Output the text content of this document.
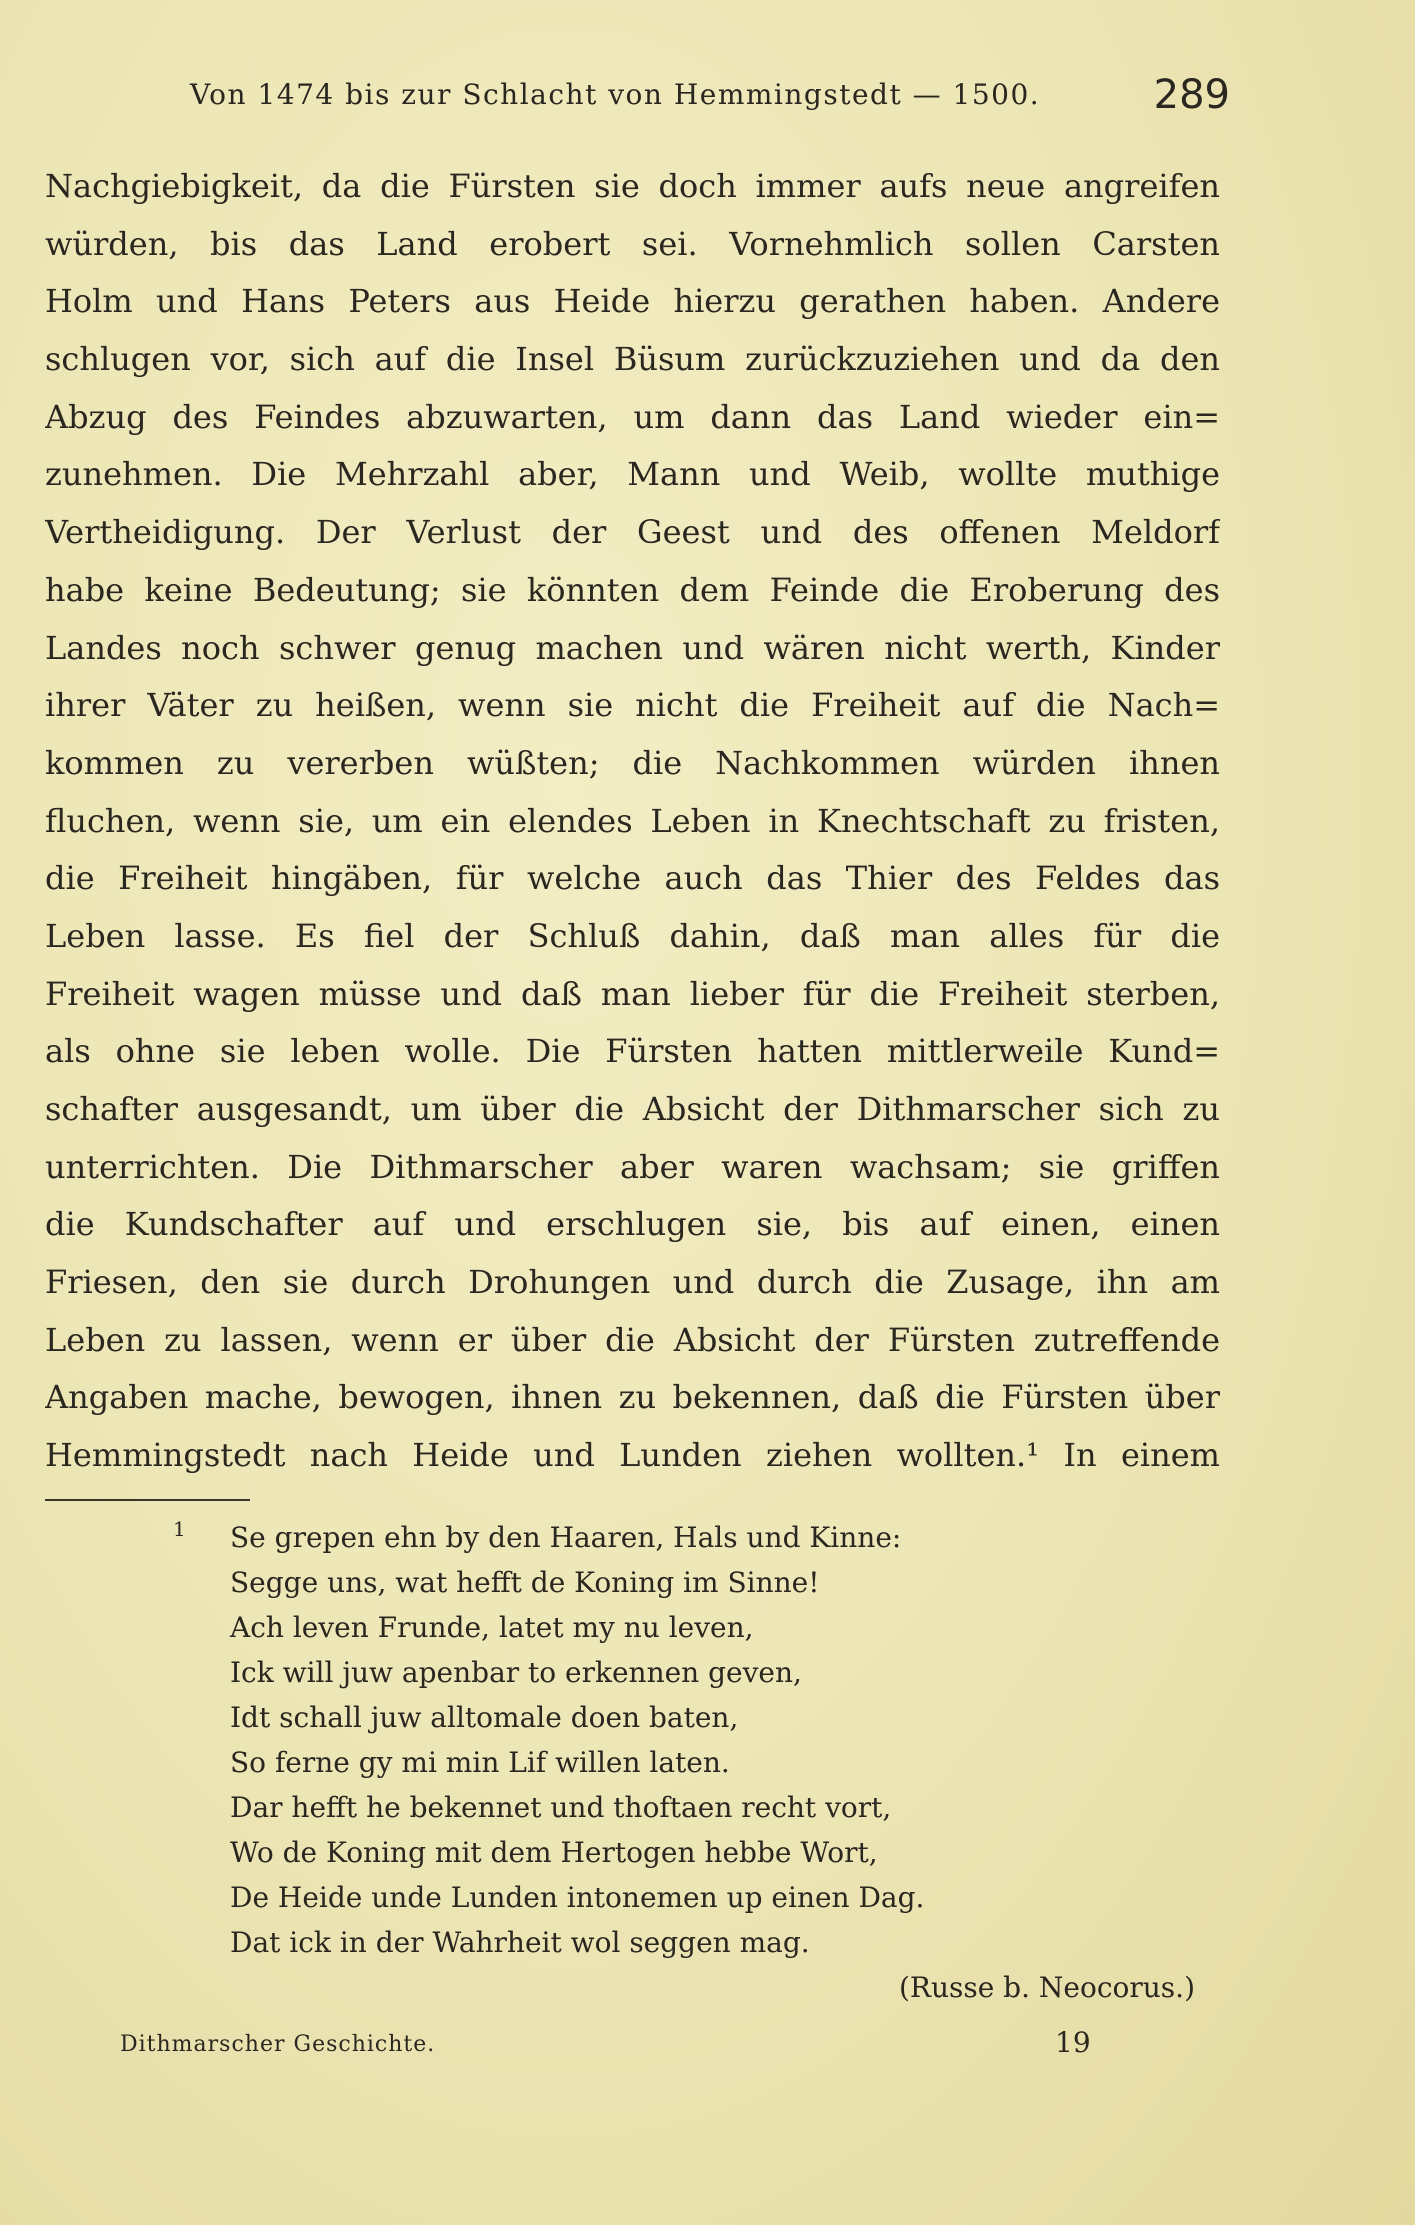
Von 1474 bis zur Schlacht von Hemmingstedt — 1500.	289
Nachgiebigkeit, da die Fürsten sie doch immer aufs neue angreifen
würden, bis das Land erobert sei. Vornehmlich sollen Carsten
Holm und Hans Peters aus Heide hierzu gerathen haben. Andere
schlugen vor, sich auf die Insel Büsum zurückzuziehen und da den
Abzug des Feindes abzuwarten, um dann das Land wieder ein=
zunehmen. Die Mehrzahl aber, Mann und Weib, wollte muthige
Vertheidigung. Der Verlust der Geest und des offenen Meldorf
habe keine Bedeutung; sie könnten dem Feinde die Eroberung des
Landes noch schwer genug machen und wären nicht werth, Kinder
ihrer Väter zu heißen, wenn sie nicht die Freiheit auf die Nach=
kommen zu vererben wüßten; die Nachkommen würden ihnen
fluchen, wenn sie, um ein elendes Leben in Knechtschaft zu fristen,
die Freiheit hingäben, für welche auch das Thier des Feldes das
Leben lasse. Es fiel der Schluß dahin, daß man alles für die
Freiheit wagen müsse und daß man lieber für die Freiheit sterben,
als ohne sie leben wolle. Die Fürsten hatten mittlerweile Kund=
schafter ausgesandt, um über die Absicht der Dithmarscher sich zu
unterrichten. Die Dithmarscher aber waren wachsam; sie griffen
die Kundschafter auf und erschlugen sie, bis auf einen, einen
Friesen, den sie durch Drohungen und durch die Zusage, ihn am
Leben zu lassen, wenn er über die Absicht der Fürsten zutreffende
Angaben mache, bewogen, ihnen zu bekennen, daß die Fürsten über
Hemmingstedt nach Heide und Lunden ziehen wollten.¹ In einem
1	Se grepen ehn by den Haaren, Hals und Kinne:
Segge uns, wat hefft de Koning im Sinne!
Ach leven Frunde, latet my nu leven,
Ick will juw apenbar to erkennen geven,
Idt schall juw alltomale doen baten,
So ferne gy mi min Lif willen laten.
Dar hefft he bekennet und thoftaen recht vort,
Wo de Koning mit dem Hertogen hebbe Wort,
De Heide unde Lunden intonemen up einen Dag.
Dat ick in der Wahrheit wol seggen mag.
(Russe b. Neocorus.)
Dithmarscher Geschichte.	19
